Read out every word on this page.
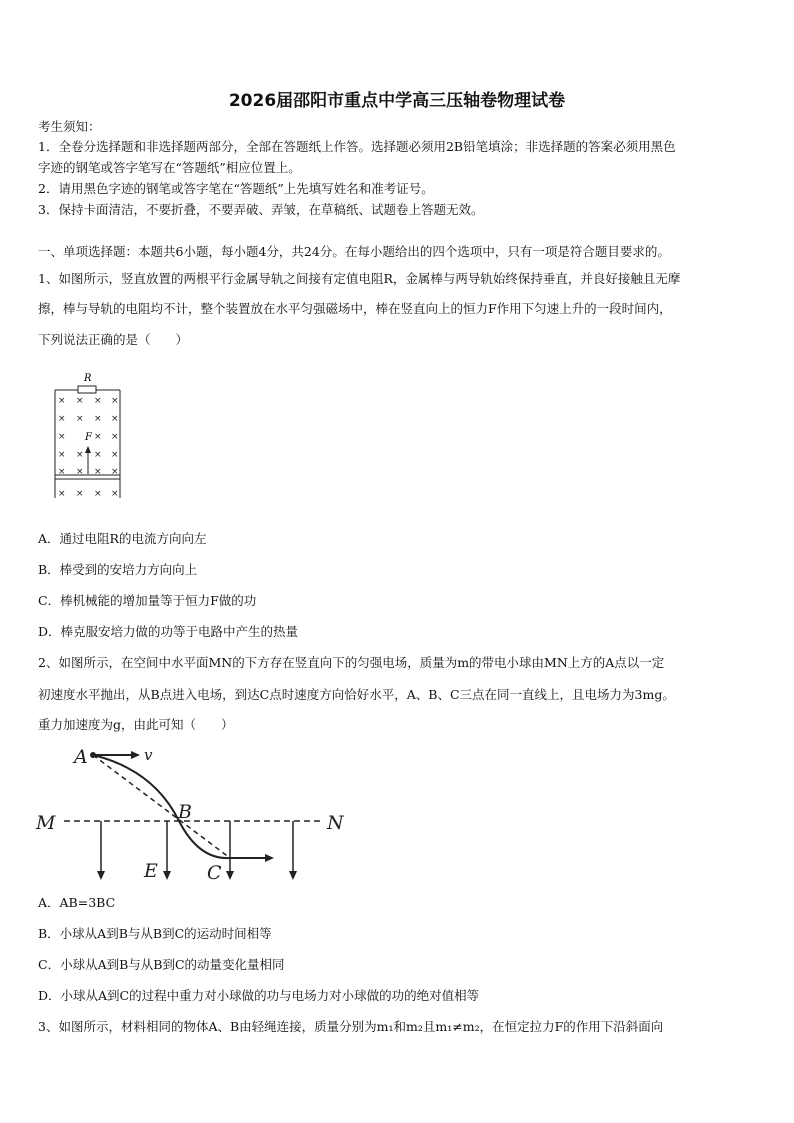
2026届邵阳市重点中学高三压轴卷物理试卷
考生须知：
1．全卷分选择题和非选择题两部分，全部在答题纸上作答。选择题必须用2B铅笔填涂；非选择题的答案必须用黑色
字迹的钢笔或答字笔写在“答题纸”相应位置上。
2．请用黑色字迹的钢笔或答字笔在“答题纸”上先填写姓名和准考证号。
3．保持卡面清洁，不要折叠，不要弄破、弄皱，在草稿纸、试题卷上答题无效。
一、单项选择题：本题共6小题，每小题4分，共24分。在每小题给出的四个选项中，只有一项是符合题目要求的。
1、如图所示，竖直放置的两根平行金属导轨之间接有定值电阻R，金属棒与两导轨始终保持垂直，并良好接触且无摩
擦，棒与导轨的电阻均不计，整个装置放在水平匀强磁场中，棒在竖直向上的恒力F作用下匀速上升的一段时间内，
下列说法正确的是（　　）
R
× × × ×
× × × ×
×	× ×
× × × ×
× × × ×
× × × ×
F
A．通过电阻R的电流方向向左
B．棒受到的安培力方向向上
C．棒机械能的增加量等于恒力F做的功
D．棒克服安培力做的功等于电路中产生的热量
2、如图所示，在空间中水平面MN的下方存在竖直向下的匀强电场，质量为m的带电小球由MN上方的A点以一定
初速度水平抛出，从B点进入电场，到达C点时速度方向恰好水平，A、B、C三点在同一直线上，且电场力为3mg。
重力加速度为g，由此可知（　　）
A	v
M	N
B
E	C
A．AB=3BC
B．小球从A到B与从B到C的运动时间相等
C．小球从A到B与从B到C的动量变化量相同
D．小球从A到C的过程中重力对小球做的功与电场力对小球做的功的绝对值相等
3、如图所示，材料相同的物体A、B由轻绳连接，质量分别为m₁和m₂且m₁≠m₂，在恒定拉力F的作用下沿斜面向
